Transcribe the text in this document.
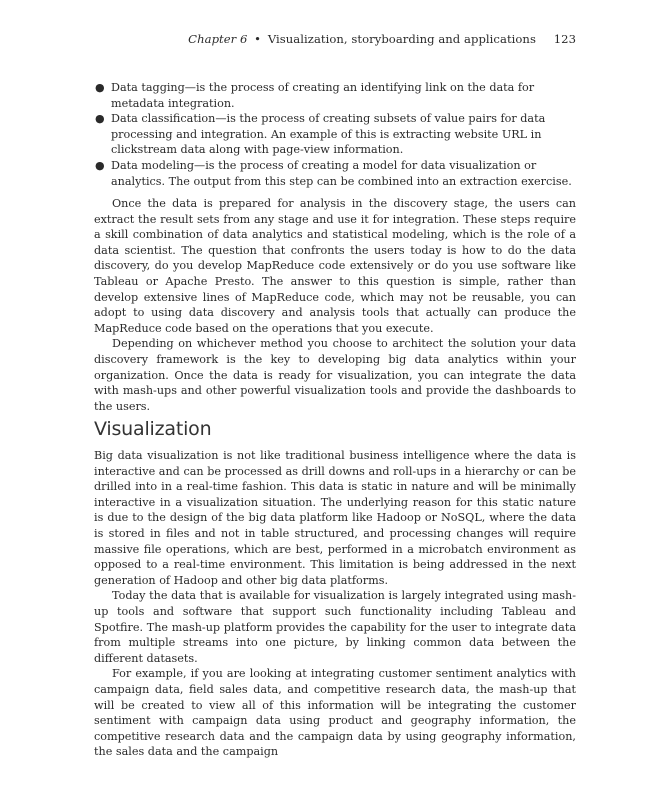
Chapter 6 • Visualization, storyboarding and applications 123
● Data tagging—is the process of creating an identifying link on the data for metadata integration.
● Data classification—is the process of creating subsets of value pairs for data processing and integration. An example of this is extracting website URL in clickstream data along with page-view information.
● Data modeling—is the process of creating a model for data visualization or analytics. The output from this step can be combined into an extraction exercise.

Once the data is prepared for analysis in the discovery stage, the users can extract the result sets from any stage and use it for integration. These steps require a skill combination of data analytics and statistical modeling, which is the role of a data scientist. The question that confronts the users today is how to do the data discovery, do you develop MapReduce code extensively or do you use software like Tableau or Apache Presto. The answer to this question is simple, rather than develop extensive lines of MapReduce code, which may not be reusable, you can adopt to using data discovery and analysis tools that actually can produce the MapReduce code based on the operations that you execute.

Depending on whichever method you choose to architect the solution your data discovery framework is the key to developing big data analytics within your organization. Once the data is ready for visualization, you can integrate the data with mash-ups and other powerful visualization tools and provide the dashboards to the users.

Visualization

Big data visualization is not like traditional business intelligence where the data is interactive and can be processed as drill downs and roll-ups in a hierarchy or can be drilled into in a real-time fashion. This data is static in nature and will be minimally interactive in a visualization situation. The underlying reason for this static nature is due to the design of the big data platform like Hadoop or NoSQL, where the data is stored in files and not in table structured, and processing changes will require massive file operations, which are best, performed in a microbatch environment as opposed to a real-time environment. This limitation is being addressed in the next generation of Hadoop and other big data platforms.

Today the data that is available for visualization is largely integrated using mash-up tools and software that support such functionality including Tableau and Spotfire. The mash-up platform provides the capability for the user to integrate data from multiple streams into one picture, by linking common data between the different datasets.

For example, if you are looking at integrating customer sentiment analytics with campaign data, field sales data, and competitive research data, the mash-up that will be created to view all of this information will be integrating the customer sentiment with campaign data using product and geography information, the competitive research data and the campaign data by using geography information, the sales data and the campaign
